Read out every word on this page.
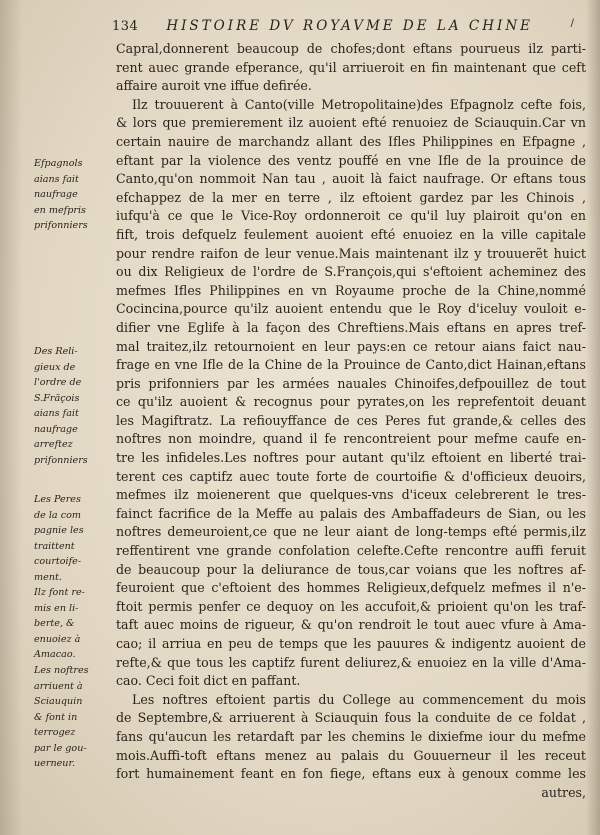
134 HISTOIRE DV ROYAVME DE LA CHINE	/
Efpagnols
aians fait
naufrage
en mefpris
prifonniers
Des Reli-
gieux de
l'ordre de
S.Fräçois
aians fait
naufrage
arreftez
prifonniers
Les Peres
de la com
pagnie les
traittent
courtoife-
ment.
Ilz font re-
mis en li-
berte, &
enuoiez à
Amacao.
Les noftres
arriuent à
Sciauquin
& font in
terrogez
par le gou-
uerneur.
Capral,donnerent beaucoup de chofes;dont eftans pourueus ilz parti-
rent auec grande efperance, qu'il arriueroit en fin maintenant que ceft
affaire auroit vne iffue defirée.
Ilz trouuerent à Canto(ville Metropolitaine)des Efpagnolz cefte fois,
& lors que premierement ilz auoient efté renuoiez de Sciauquin.Car vn
certain nauire de marchandz allant des Ifles Philippines en Efpagne ,
eftant par la violence des ventz pouffé en vne Ifle de la prouince de
Canto,qu'on nommoit Nan tau , auoit là faict naufrage. Or eftans tous
efchappez de la mer en terre , ilz eftoient gardez par les Chinois ,
iufqu'à ce que le Vice-Roy ordonneroit ce qu'il luy plairoit qu'on en
fift, trois defquelz feulement auoient efté enuoiez en la ville capitale
pour rendre raifon de leur venue.Mais maintenant ilz y trouuerẽt huict
ou dix Religieux de l'ordre de S.François,qui s'eftoient acheminez des
mefmes Ifles Philippines en vn Royaume proche de la Chine,nommé
Cocincina,pource qu'ilz auoient entendu que le Roy d'iceluy vouloit e-
difier vne Eglife à la façon des Chreftiens.Mais eftans en apres tref-
mal traitez,ilz retournoient en leur pays:en ce retour aians faict nau-
frage en vne Ifle de la Chine de la Prouince de Canto,dict Hainan,eftans
pris prifonniers par les armées nauales Chinoifes,defpouillez de tout
ce qu'ilz auoient & recognus pour pyrates,on les reprefentoit deuant
les Magiftratz. La refiouyffance de ces Peres fut grande,& celles des
noftres non moindre, quand il fe rencontreient pour mefme caufe en-
tre les infideles.Les noftres pour autant qu'ilz eftoient en liberté trai-
terent ces captifz auec toute forte de courtoifie & d'officieux deuoirs,
mefmes ilz moienerent que quelques-vns d'iceux celebrerent le tres-
fainct facrifice de la Meffe au palais des Ambaffadeurs de Sian, ou les
noftres demeuroient,ce que ne leur aiant de long-temps efté permis,ilz
reffentirent vne grande confolation celefte.Cefte rencontre auffi feruit
de beaucoup pour la deliurance de tous,car voians que les noftres af-
feuroient que c'eftoient des hommes Religieux,defquelz mefmes il n'e-
ftoit permis penfer ce dequoy on les accufoit,& prioient qu'on les traf-
taft auec moins de rigueur, & qu'on rendroit le tout auec vfure à Ama-
cao; il arriua en peu de temps que les pauures & indigentz auoient de
refte,& que tous les captifz furent deliurez,& enuoiez en la ville d'Ama-
cao. Ceci foit dict en paffant.
Les noftres eftoient partis du College au commencement du mois
de Septembre,& arriuerent à Sciauquin fous la conduite de ce foldat ,
fans qu'aucun les retardaft par les chemins le dixiefme iour du mefme
mois.Auffi-toft eftans menez au palais du Gouuerneur il les receut
fort humainement feant en fon fiege, eftans eux à genoux comme les
autres,
